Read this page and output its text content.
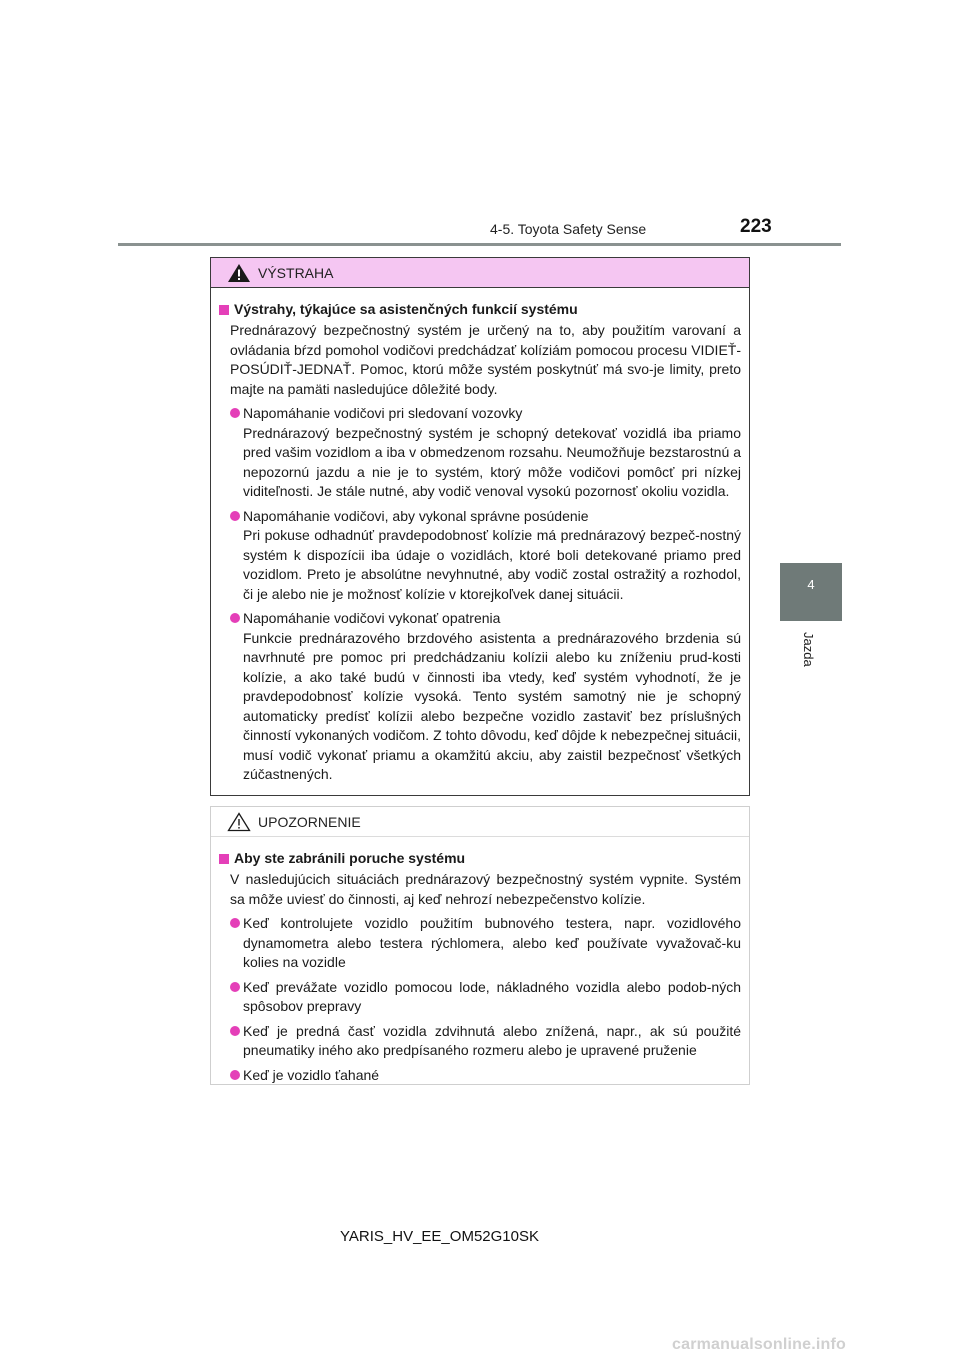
4-5. Toyota Safety Sense	223
4
Jazda
VÝSTRAHA
Výstrahy, týkajúce sa asistenčných funkcií systému
Prednárazový bezpečnostný systém je určený na to, aby použitím varovaní a ovládania bŕzd pomohol vodičovi predchádzať kolíziám pomocou procesu VIDIEŤ-POSÚDIŤ-JEDNAŤ. Pomoc, ktorú môže systém poskytnúť má svo-je limity, preto majte na pamäti nasledujúce dôležité body.
Napomáhanie vodičovi pri sledovaní vozovky
Prednárazový bezpečnostný systém je schopný detekovať vozidlá iba priamo pred vašim vozidlom a iba v obmedzenom rozsahu. Neumožňuje bezstarostnú a nepozornú jazdu a nie je to systém, ktorý môže vodičovi pomôcť pri nízkej viditeľnosti. Je stále nutné, aby vodič venoval vysokú pozornosť okoliu vozidla.
Napomáhanie vodičovi, aby vykonal správne posúdenie
Pri pokuse odhadnúť pravdepodobnosť kolízie má prednárazový bezpeč-nostný systém k dispozícii iba údaje o vozidlách, ktoré boli detekované priamo pred vozidlom. Preto je absolútne nevyhnutné, aby vodič zostal ostražitý a rozhodol, či je alebo nie je možnosť kolízie v ktorejkoľvek danej situácii.
Napomáhanie vodičovi vykonať opatrenia
Funkcie prednárazového brzdového asistenta a prednárazového brzdenia sú navrhnuté pre pomoc pri predchádzaniu kolízii alebo ku zníženiu prud-kosti kolízie, a ako také budú v činnosti iba vtedy, keď systém vyhodnotí, že je pravdepodobnosť kolízie vysoká. Tento systém samotný nie je schopný automaticky predísť kolízii alebo bezpečne vozidlo zastaviť bez príslušných činností vykonaných vodičom. Z tohto dôvodu, keď dôjde k nebezpečnej situácii, musí vodič vykonať priamu a okamžitú akciu, aby zaistil bezpečnosť všetkých zúčastnených.
UPOZORNENIE
Aby ste zabránili poruche systému
V nasledujúcich situáciách prednárazový bezpečnostný systém vypnite. Systém sa môže uviesť do činnosti, aj keď nehrozí nebezpečenstvo kolízie.
Keď kontrolujete vozidlo použitím bubnového testera, napr. vozidlového dynamometra alebo testera rýchlomera, alebo keď používate vyvažovač-ku kolies na vozidle
Keď prevážate vozidlo pomocou lode, nákladného vozidla alebo podob-ných spôsobov prepravy
Keď je predná časť vozidla zdvihnutá alebo znížená, napr., ak sú použité pneumatiky iného ako predpísaného rozmeru alebo je upravené pruženie
Keď je vozidlo ťahané
YARIS_HV_EE_OM52G10SK
carmanualsonline.info
